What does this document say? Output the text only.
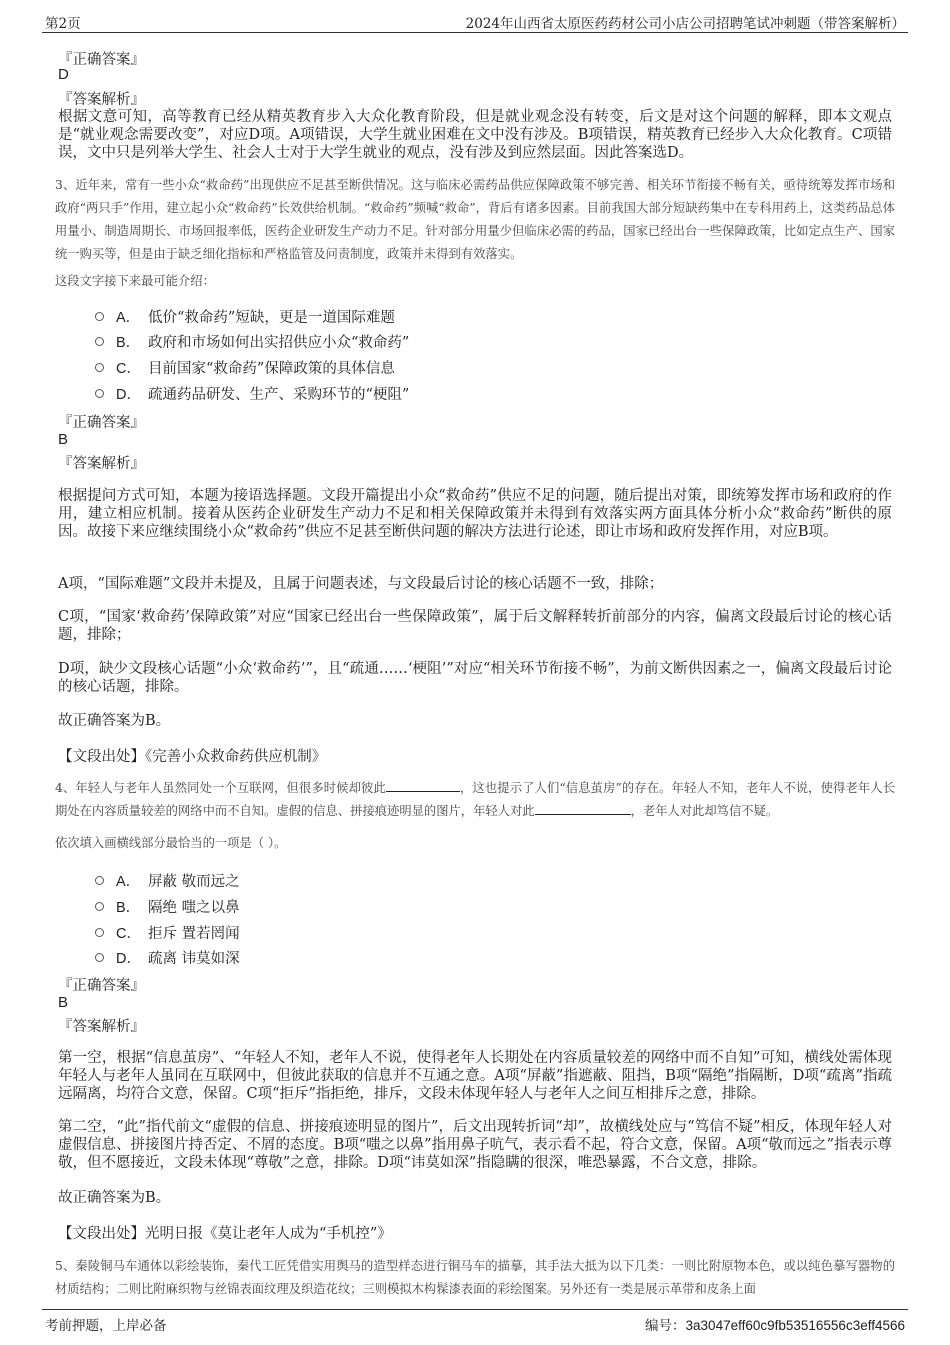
第2页	2024年山西省太原医药药材公司小店公司招聘笔试冲刺题（带答案解析）
『正确答案』
D
『答案解析』

根据文意可知，高等教育已经从精英教育步入大众化教育阶段，但是就业观念没有转变，后文是对这个问题的解释，即本文观点是“就业观念需要改变”，对应D项。A项错误，大学生就业困难在文中没有涉及。B项错误，精英教育已经步入大众化教育。C项错误，文中只是列举大学生、社会人士对于大学生就业的观点，没有涉及到应然层面。因此答案选D。

3、近年来，常有一些小众“救命药”出现供应不足甚至断供情况。这与临床必需药品供应保障政策不够完善、相关环节衔接不畅有关，亟待统筹发挥市场和政府“两只手”作用，建立起小众“救命药”长效供给机制。“救命药”频喊“救命”，背后有诸多因素。目前我国大部分短缺药集中在专科用药上，这类药品总体用量小、制造周期长、市场回报率低，医药企业研发生产动力不足。针对部分用量少但临床必需的药品，国家已经出台一些保障政策，比如定点生产、国家统一购买等，但是由于缺乏细化指标和严格监管及问责制度，政策并未得到有效落实。

这段文字接下来最可能介绍：

A． 低价“救命药”短缺，更是一道国际难题
B． 政府和市场如何出实招供应小众“救命药”
C． 目前国家“救命药”保障政策的具体信息
D． 疏通药品研发、生产、采购环节的“梗阻”
『正确答案』
B
『答案解析』

根据提问方式可知，本题为接语选择题。文段开篇提出小众“救命药”供应不足的问题，随后提出对策，即统筹发挥市场和政府的作用，建立相应机制。接着从医药企业研发生产动力不足和相关保障政策并未得到有效落实两方面具体分析小众“救命药”断供的原因。故接下来应继续围绕小众“救命药”供应不足甚至断供问题的解决方法进行论述，即让市场和政府发挥作用，对应B项。

A项，“国际难题”文段并未提及，且属于问题表述，与文段最后讨论的核心话题不一致，排除；

C项，“国家‘救命药’保障政策”对应“国家已经出台一些保障政策”，属于后文解释转折前部分的内容，偏离文段最后讨论的核心话题，排除；

D项，缺少文段核心话题“小众‘救命药’”，且“疏通……‘梗阻’”对应“相关环节衔接不畅”，为前文断供因素之一，偏离文段最后讨论的核心话题，排除。

故正确答案为B。

【文段出处】《完善小众救命药供应机制》

4、年轻人与老年人虽然同处一个互联网，但很多时候却彼此	，这也提示了人们“信息茧房”的存在。年轻人不知，老年人不说，使得老年人长期处在内容质量较差的网络中而不自知。虚假的信息、拼接痕迹明显的图片，年轻人对此	，老年人对此却笃信不疑。

依次填入画横线部分最恰当的一项是（ ）。

A． 屏蔽 敬而远之
B． 隔绝 嗤之以鼻
C． 拒斥 置若罔闻
D． 疏离 讳莫如深
『正确答案』
B
『答案解析』

第一空，根据“信息茧房”、“年轻人不知，老年人不说，使得老年人长期处在内容质量较差的网络中而不自知”可知，横线处需体现年轻人与老年人虽同在互联网中，但彼此获取的信息并不互通之意。A项“屏蔽”指遮蔽、阻挡，B项“隔绝”指隔断，D项“疏离”指疏远隔离，均符合文意，保留。C项“拒斥”指拒绝，排斥，文段未体现年轻人与老年人之间互相排斥之意，排除。

第二空，“此”指代前文“虚假的信息、拼接痕迹明显的图片”，后文出现转折词“却”，故横线处应与“笃信不疑”相反，体现年轻人对虚假信息、拼接图片持否定、不屑的态度。B项“嗤之以鼻”指用鼻子吭气，表示看不起，符合文意，保留。A项“敬而远之”指表示尊敬，但不愿接近，文段未体现“尊敬”之意，排除。D项“讳莫如深”指隐瞒的很深，唯恐暴露，不合文意，排除。

故正确答案为B。

【文段出处】光明日报《莫让老年人成为“手机控”》

5、秦陵铜马车通体以彩绘装饰，秦代工匠凭借实用舆马的造型样态进行铜马车的描摹，其手法大抵为以下几类：一则比附原物本色，或以纯色摹写器物的材质结构；二则比附麻织物与丝锦表面纹理及织造花纹；三则模拟木构髹漆表面的彩绘图案。另外还有一类是展示革带和皮条上面

考前押题，上岸必备	编号：3a3047eff60c9fb53516556c3eff4566
